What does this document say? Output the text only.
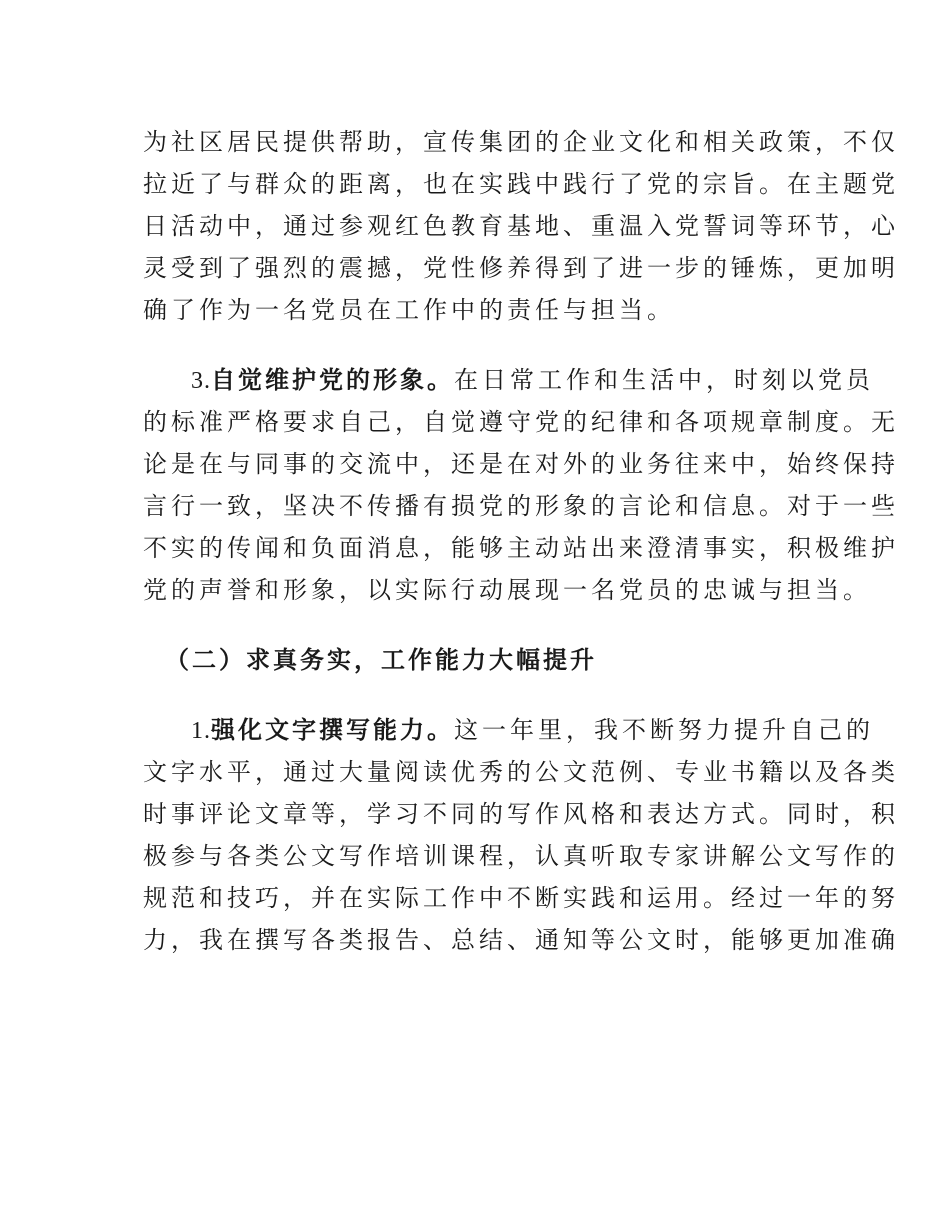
为社区居民提供帮助，宣传集团的企业文化和相关政策，不仅
拉近了与群众的距离，也在实践中践行了党的宗旨。在主题党
日活动中，通过参观红色教育基地、重温入党誓词等环节，心
灵受到了强烈的震撼，党性修养得到了进一步的锤炼，更加明
确了作为一名党员在工作中的责任与担当。
3.自觉维护党的形象。在日常工作和生活中，时刻以党员
的标准严格要求自己，自觉遵守党的纪律和各项规章制度。无
论是在与同事的交流中，还是在对外的业务往来中，始终保持
言行一致，坚决不传播有损党的形象的言论和信息。对于一些
不实的传闻和负面消息，能够主动站出来澄清事实，积极维护
党的声誉和形象，以实际行动展现一名党员的忠诚与担当。
（二）求真务实，工作能力大幅提升
1.强化文字撰写能力。这一年里，我不断努力提升自己的
文字水平，通过大量阅读优秀的公文范例、专业书籍以及各类
时事评论文章等，学习不同的写作风格和表达方式。同时，积
极参与各类公文写作培训课程，认真听取专家讲解公文写作的
规范和技巧，并在实际工作中不断实践和运用。经过一年的努
力，我在撰写各类报告、总结、通知等公文时，能够更加准确
